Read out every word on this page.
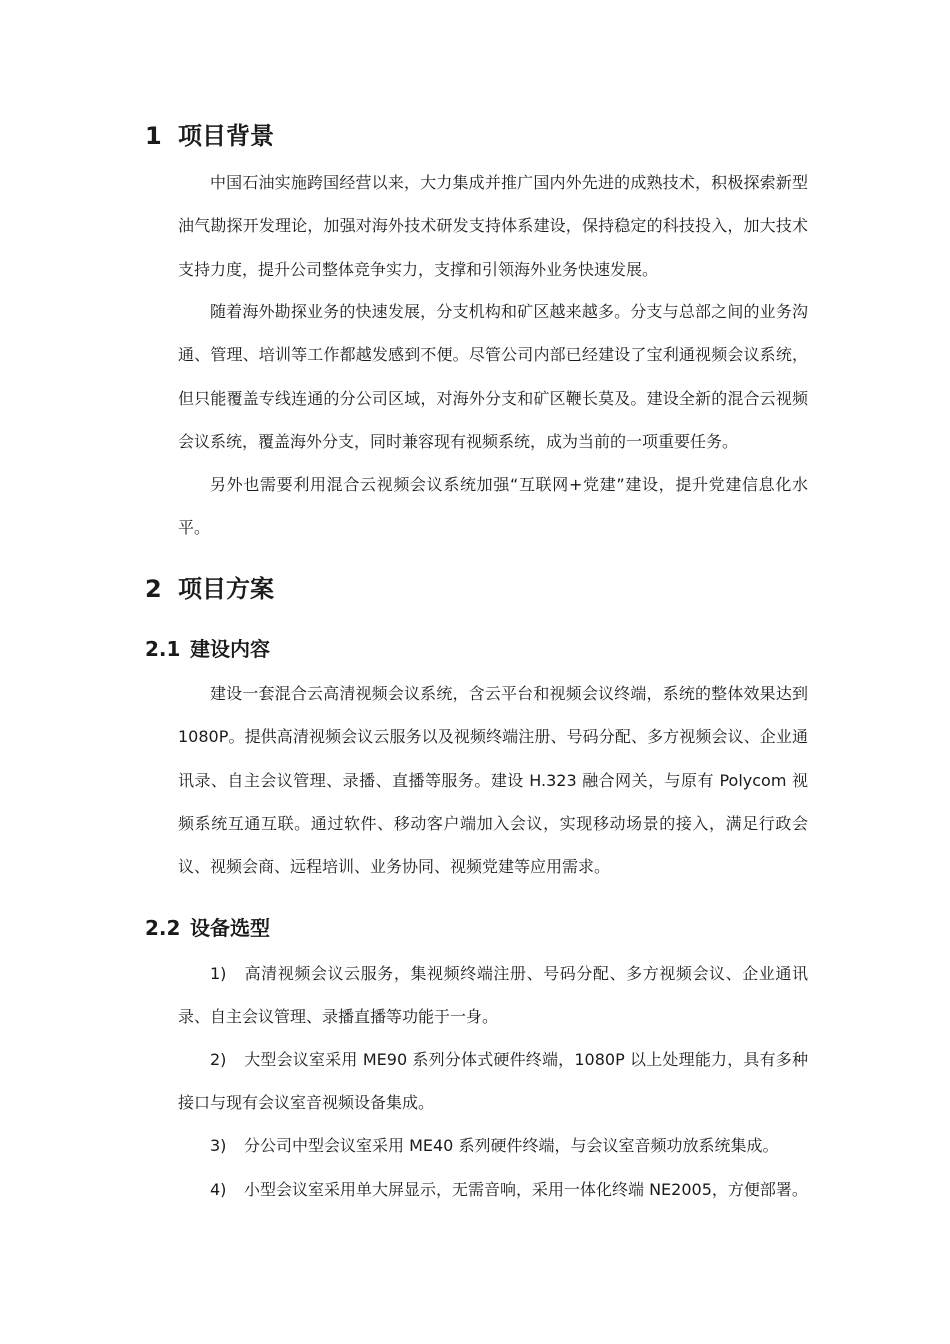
1 项目背景

中国石油实施跨国经营以来，大力集成并推广国内外先进的成熟技术，积极探索新型油气勘探开发理论，加强对海外技术研发支持体系建设，保持稳定的科技投入，加大技术支持力度，提升公司整体竞争实力，支撑和引领海外业务快速发展。

随着海外勘探业务的快速发展，分支机构和矿区越来越多。分支与总部之间的业务沟通、管理、培训等工作都越发感到不便。尽管公司内部已经建设了宝利通视频会议系统，但只能覆盖专线连通的分公司区域，对海外分支和矿区鞭长莫及。建设全新的混合云视频会议系统，覆盖海外分支，同时兼容现有视频系统，成为当前的一项重要任务。

另外也需要利用混合云视频会议系统加强“互联网+党建”建设，提升党建信息化水平。

2 项目方案
2.1 建设内容

建设一套混合云高清视频会议系统，含云平台和视频会议终端，系统的整体效果达到 1080P。提供高清视频会议云服务以及视频终端注册、号码分配、多方视频会议、企业通讯录、自主会议管理、录播、直播等服务。建设 H.323 融合网关，与原有 Polycom 视频系统互通互联。通过软件、移动客户端加入会议，实现移动场景的接入，满足行政会议、视频会商、远程培训、业务协同、视频党建等应用需求。

2.2 设备选型

1) 高清视频会议云服务，集视频终端注册、号码分配、多方视频会议、企业通讯录、自主会议管理、录播直播等功能于一身。

2) 大型会议室采用 ME90 系列分体式硬件终端，1080P 以上处理能力，具有多种接口与现有会议室音视频设备集成。

3) 分公司中型会议室采用 ME40 系列硬件终端，与会议室音频功放系统集成。

4) 小型会议室采用单大屏显示，无需音响，采用一体化终端 NE2005，方便部署。
